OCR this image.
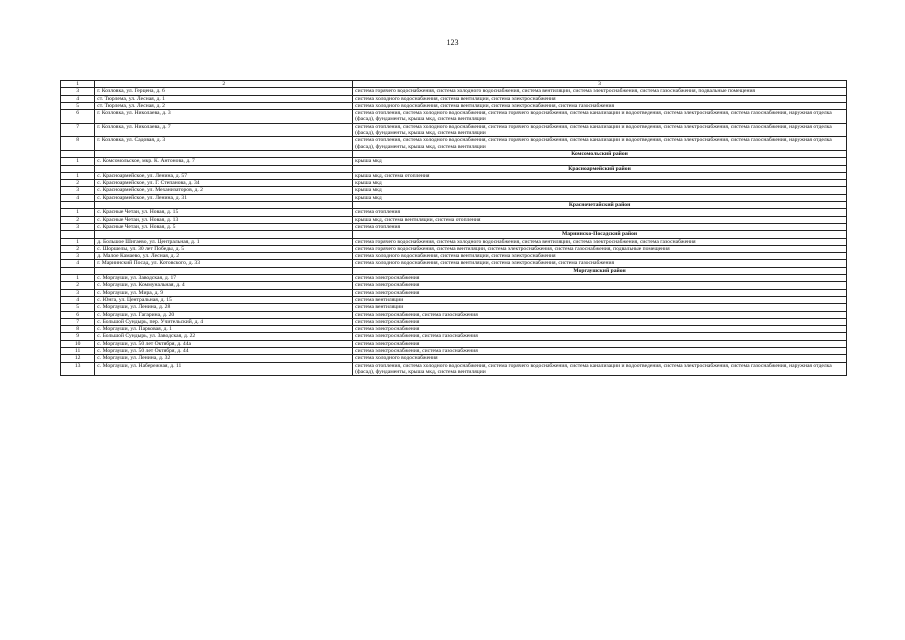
123
1	2	3
3	г. Козловка, ул. Герцена, д. 6	система горячего водоснабжения, система холодного водоснабжения, система вентиляции, система электроснабжения, система газоснабжения, подвальные помещения
4	ст. Тюрлема, ул. Лесная, д. 1	система холодного водоснабжения, система вентиляции, система электроснабжения
5	ст. Тюрлема, ул. Лесная, д. 2	система холодного водоснабжения, система вентиляции, система электроснабжения, система газоснабжения
6	г. Козловка, ул. Николаева, д. 3	система отопления, система холодного водоснабжения, система горячего водоснабжения, система канализации и водоотведения, система электроснабжения, система газоснабжения, наружная отделка (фасад), фундаменты, крыша мкд, система вентиляции
7	г. Козловка, ул. Николаева, д. 7	система отопления, система холодного водоснабжения, система горячего водоснабжения, система канализации и водоотведения, система электроснабжения, система газоснабжения, наружная отделка (фасад), фундаменты, крыша мкд, система вентиляции
8	г. Козловка, ул. Садовая, д. 3	система отопления, система холодного водоснабжения, система горячего водоснабжения, система канализации и водоотведения, система электроснабжения, система газоснабжения, наружная отделка (фасад), фундаменты, крыша мкд, система вентиляции
		Комсомольский район
1	с. Комсомольское, мкр. К. Антонова, д. 7	крыша мкд
		Красноармейский район
1	с. Красноармейское, ул. Ленина, д. 57	крыша мкд, система отопления
2	с. Красноармейское, ул. Г. Степанова, д. 34	крыша мкд
3	с. Красноармейское, ул. Механизаторов, д. 2	крыша мкд
4	с. Красноармейское, ул. Ленина, д. 31	крыша мкд
		Красночетайский район
1	с. Красные Четаи, ул. Новая, д. 15	система отопления
2	с. Красные Четаи, ул. Новая, д. 13	крыша мкд, система вентиляции, система отопления
3	с. Красные Четаи, ул. Новая, д. 5	система отопления
		Мариинско-Посадский район
1	д. Большое Шигаево, ул. Центральная, д. 1	система горячего водоснабжения, система холодного водоснабжения, система вентиляции, система электроснабжения, система газоснабжения
2	с. Шоршелы, ул. 30 лет Победы, д. 5	система горячего водоснабжения, система вентиляции, система электроснабжения, система газоснабжения, подвальные помещения
3	д. Малое Камаево, ул. Лесная, д. 2	система холодного водоснабжения, система вентиляции, система электроснабжения
4	г. Мариинский Посад, ул. Котовского, д. 33	система холодного водоснабжения, система вентиляции, система электроснабжения, система газоснабжения
		Моргаушский район
1	с. Моргауши, ул. Заводская, д. 17	система электроснабжения
2	с. Моргауши, ул. Коммунальная, д. 4	система электроснабжения
3	с. Моргауши, ул. Мира, д. 9	система электроснабжения
4	с. Юнга, ул. Центральная, д. 15	система вентиляции
5	с. Моргауши, ул. Ленина, д. 28	система вентиляции
6	с. Моргауши, ул. Гагарина, д. 20	система электроснабжения, система газоснабжения
7	с. Большой Сундырь, пер. Учительский, д. 4	система электроснабжения
8	с. Моргауши, ул. Парковая, д. 1	система электроснабжения
9	с. Большой Сундырь, ул. Заводская, д. 22	система электроснабжения, система газоснабжения
10	с. Моргауши, ул. 50 лет Октября, д. 44а	система электроснабжения
11	с. Моргауши, ул. 50 лет Октября, д. 44	система электроснабжения, система газоснабжения
12	с. Моргауши, ул. Ленина, д. 32	система холодного водоснабжения
13	с. Моргауши, ул. Набережная, д. 11	система отопления, система холодного водоснабжения, система горячего водоснабжения, система канализации и водоотведения, система электроснабжения, система газоснабжения, наружная отделка (фасад), фундаменты, крыша мкд, система вентиляции
